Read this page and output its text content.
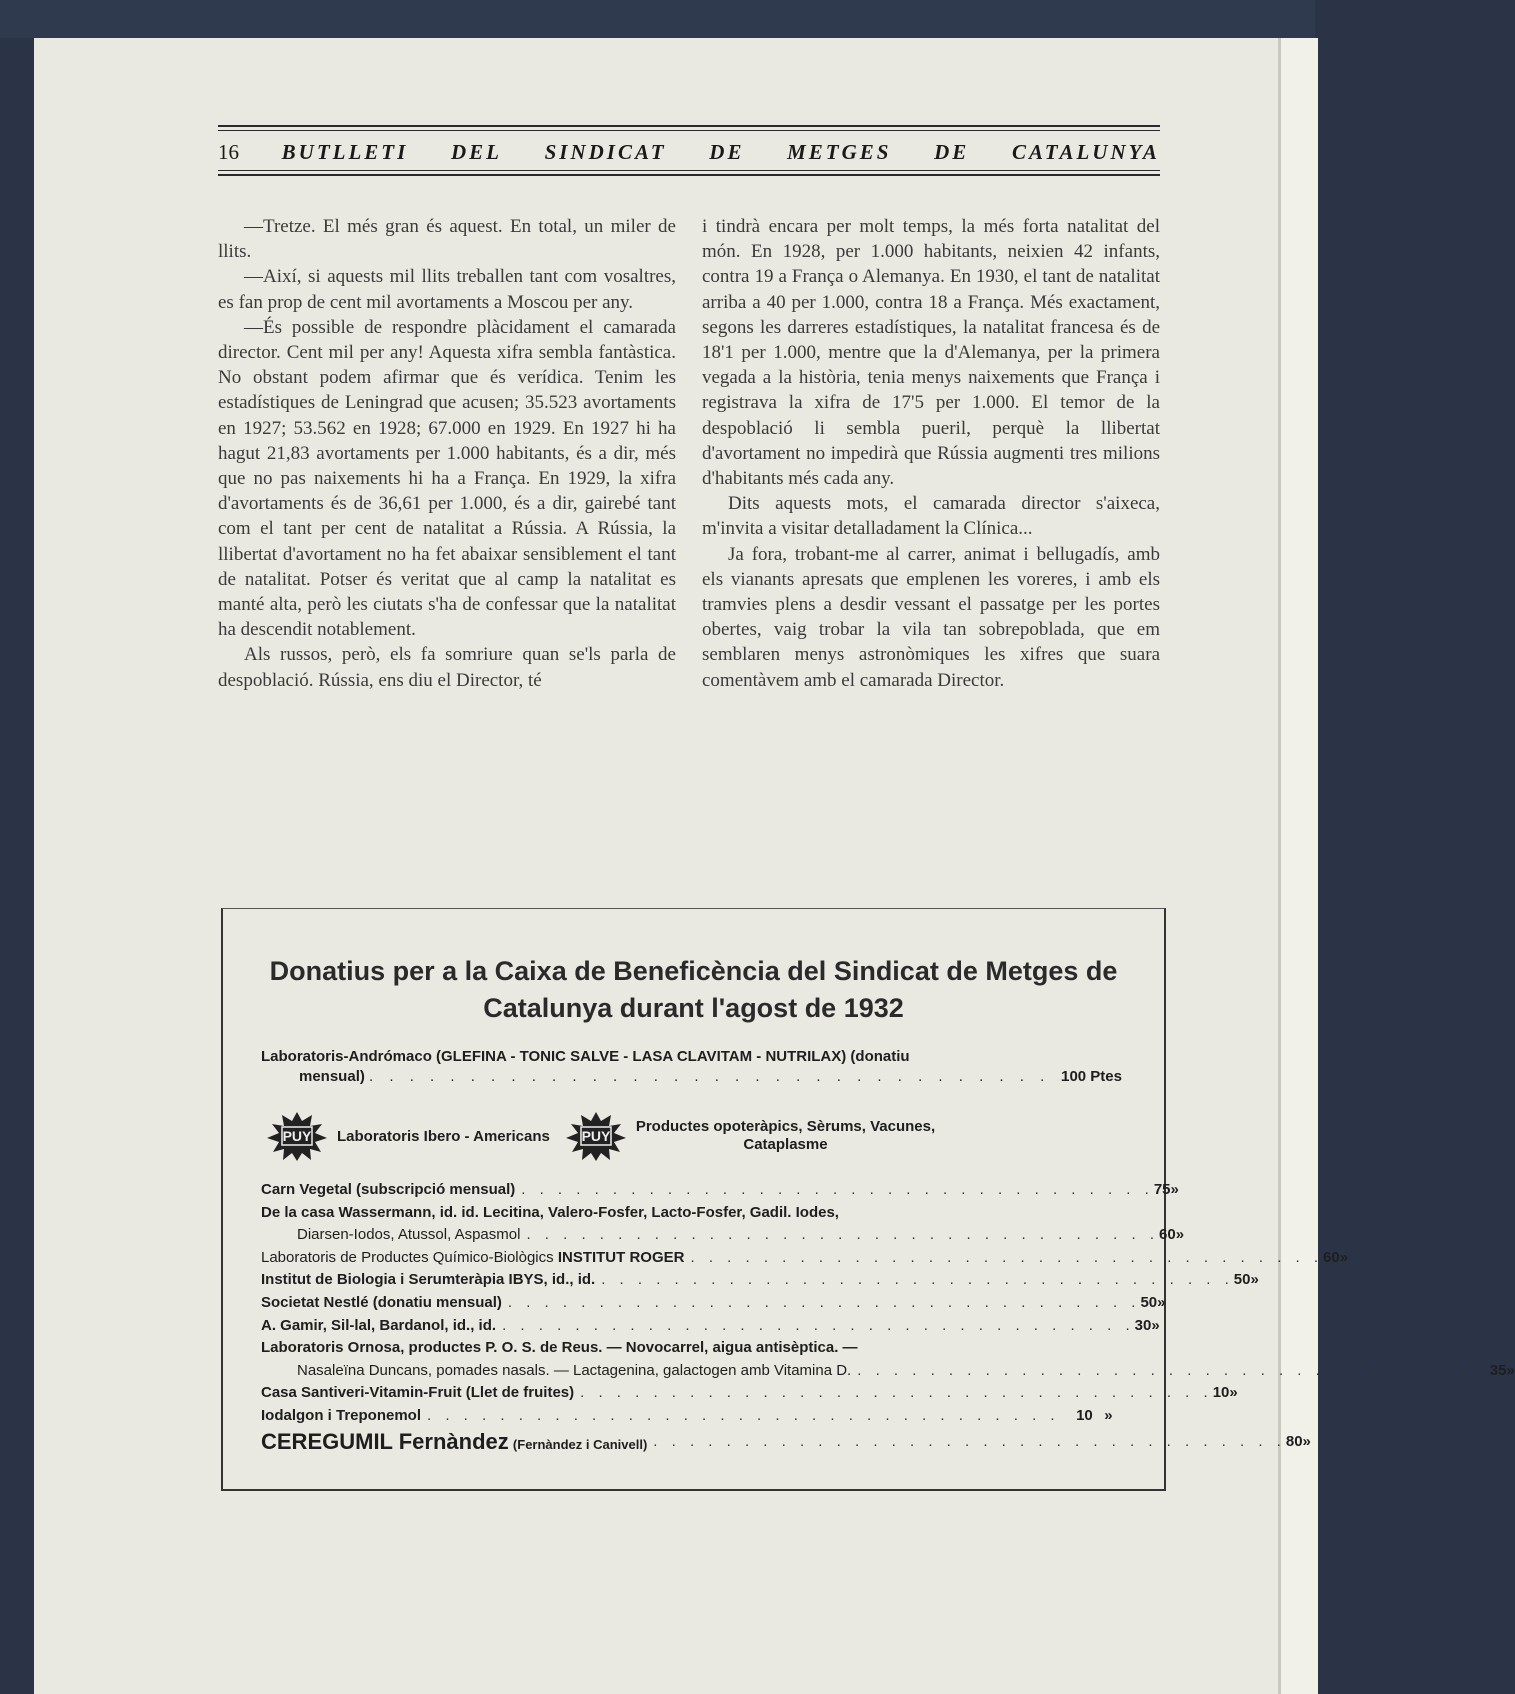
16 BUTLLETI DEL SINDICAT DE METGES DE CATALUNYA

—Tretze. El més gran és aquest. En total, un miler de llits.

—Així, si aquests mil llits treballen tant com vosaltres, es fan prop de cent mil avortaments a Moscou per any.

—És possible de respondre plàcidament el camarada director. Cent mil per any! Aquesta xifra sembla fantàstica. No obstant podem afirmar que és verídica. Tenim les estadístiques de Leningrad que acusen; 35.523 avortaments en 1927; 53.562 en 1928; 67.000 en 1929. En 1927 hi ha hagut 21,83 avortaments per 1.000 habitants, és a dir, més que no pas naixements hi ha a França. En 1929, la xifra d'avortaments és de 36,61 per 1.000, és a dir, gairebé tant com el tant per cent de natalitat a Rússia. A Rússia, la llibertat d'avortament no ha fet abaixar sensiblement el tant de natalitat. Potser és veritat que al camp la natalitat es manté alta, però les ciutats s'ha de confessar que la natalitat ha descendit notablement.

Als russos, però, els fa somriure quan se'ls parla de despoblació. Rússia, ens diu el Director, té

i tindrà encara per molt temps, la més forta natalitat del món. En 1928, per 1.000 habitants, neixien 42 infants, contra 19 a França o Alemanya. En 1930, el tant de natalitat arriba a 40 per 1.000, contra 18 a França. Més exactament, segons les darreres estadístiques, la natalitat francesa és de 18'1 per 1.000, mentre que la d'Alemanya, per la primera vegada a la història, tenia menys naixements que França i registrava la xifra de 17'5 per 1.000. El temor de la despoblació li sembla pueril, perquè la llibertat d'avortament no impedirà que Rússia augmenti tres milions d'habitants més cada any.

Dits aquests mots, el camarada director s'aixeca, m'invita a visitar detalladament la Clínica...

Ja fora, trobant-me al carrer, animat i bellugadís, amb els vianants apresats que emplenen les voreres, i amb els tramvies plens a desdir vessant el passatge per les portes obertes, vaig trobar la vila tan sobrepoblada, que em semblaren menys astronòmiques les xifres que suara comentàvem amb el camarada Director.

Donatius per a la Caixa de Beneficència del Sindicat de Metges de Catalunya durant l'agost de 1932
Laboratoris-Andrómaco (GLEFINA - TONIC SALVE - LASA CLAVITAM - NUTRILAX) (donatiu
mensual) . . . . . . . . . . . . . . . . . . . . . . . . . . . . . . . . . . .
100 Ptes
PUY Laboratoris Ibero - Americans PUY
Productes opoteràpics, Sèrums, Vacunes,
Cataplasme
Carn Vegetal (subscripció mensual) . . . . . . . . . . . . . . . . . . . . . . . . . . . . . . . . . . . 75 »
De la casa Wassermann, id. id. Lecitina, Valero-Fosfer, Lacto-Fosfer, Gadil. Iodes,
Diarsen-Iodos, Atussol, Aspasmol . . . . . . . . . . . . . . . . . . . . . . . . . . . . . . . . . . . 60 »
Laboratoris de Productes Químico-Biològics INSTITUT ROGER . . . . . . . . . . . . . . . . . . . . . . . . . . . . . . . . . . . 60 »
Institut de Biologia i Serumteràpia IBYS, id., id. . . . . . . . . . . . . . . . . . . . . . . . . . . . . . . . . . . . 50 »
Societat Nestlé (donatiu mensual) . . . . . . . . . . . . . . . . . . . . . . . . . . . . . . . . . . . 50 »
A. Gamir, Sil-lal, Bardanol, id., id. . . . . . . . . . . . . . . . . . . . . . . . . . . . . . . . . . . . 30 »
Laboratoris Ornosa, productes P. O. S. de Reus. — Novocarrel, aigua antisèptica. —
Nasaleïna Duncans, pomades nasals. — Lactagenina, galactogen amb Vitamina D. . . . . . . . . . . . . . . . . . . . . . . . . . . . . . . . . . . . 35 »
Casa Santiveri-Vitamin-Fruit (Llet de fruites) . . . . . . . . . . . . . . . . . . . . . . . . . . . . . . . . . . . 10 »
Iodalgon i Treponemol . . . . . . . . . . . . . . . . . . . . . . . . . . . . . . . . . . .	10 »
CEREGUMIL Fernàndez (Fernàndez i Canivell) . . . . . . . . . . . . . . . . . . . . . . . . . . . . . . . . . . . 80 »
